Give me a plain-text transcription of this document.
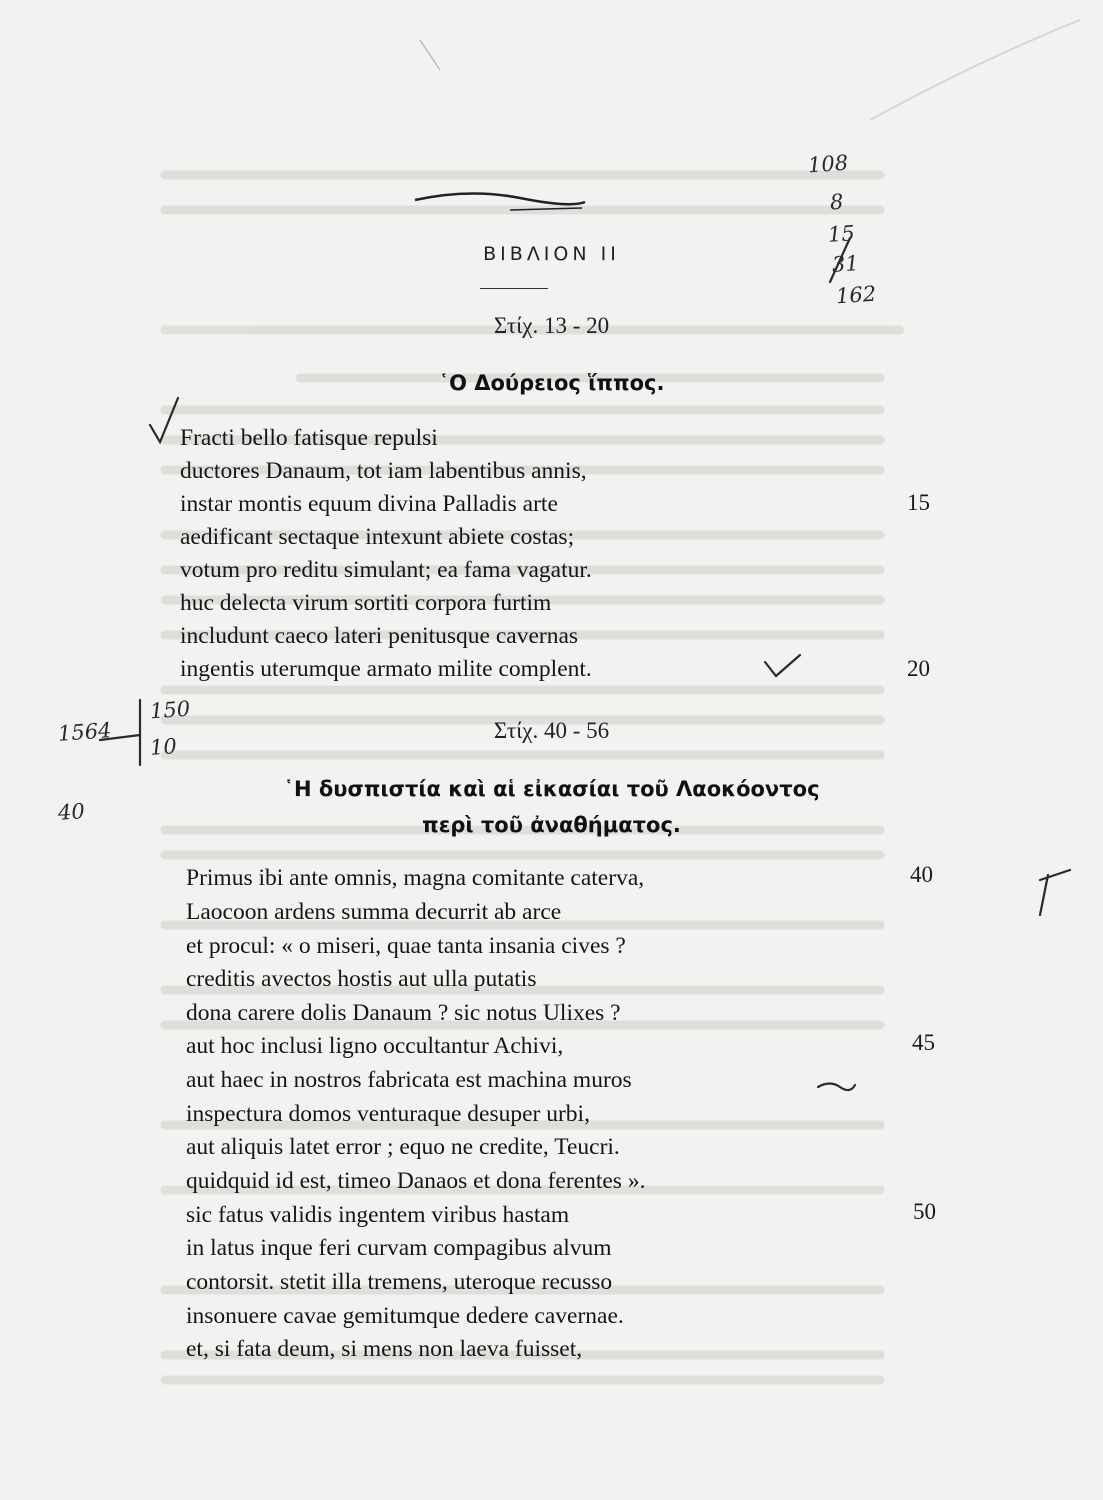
ΒΙΒΛΙΟΝ ΙΙ
Στίχ. 13 - 20
῾Ο Δούρειος ἵππος.
Fracti bello fatisque repulsi
ductores Danaum, tot iam labentibus annis,
instar montis equum divina Palladis arte
aedificant sectaque intexunt abiete costas;
votum pro reditu simulant; ea fama vagatur.
huc delecta virum sortiti corpora furtim
includunt caeco lateri penitusque cavernas
ingentis uterumque armato milite complent.
15
20
Στίχ. 40 - 56
῾Η δυσπιστία καὶ αἱ εἰκασίαι τοῦ Λαοκόοντος
περὶ τοῦ ἀναθήματος.
Primus ibi ante omnis, magna comitante caterva,
Laocoon ardens summa decurrit ab arce
et procul: « o miseri, quae tanta insania cives ?
creditis avectos hostis aut ulla putatis
dona carere dolis Danaum ? sic notus Ulixes ?
aut hoc inclusi ligno occultantur Achivi,
aut haec in nostros fabricata est machina muros
inspectura domos venturaque desuper urbi,
aut aliquis latet error ; equo ne credite, Teucri.
quidquid id est, timeo Danaos et dona ferentes ».
sic fatus validis ingentem viribus hastam
in latus inque feri curvam compagibus alvum
contorsit. stetit illa tremens, uteroque recusso
insonuere cavae gemitumque dedere cavernae.
et, si fata deum, si mens non laeva fuisset,
40
45
50
108
8
15
31
162
1564
150
10
40
